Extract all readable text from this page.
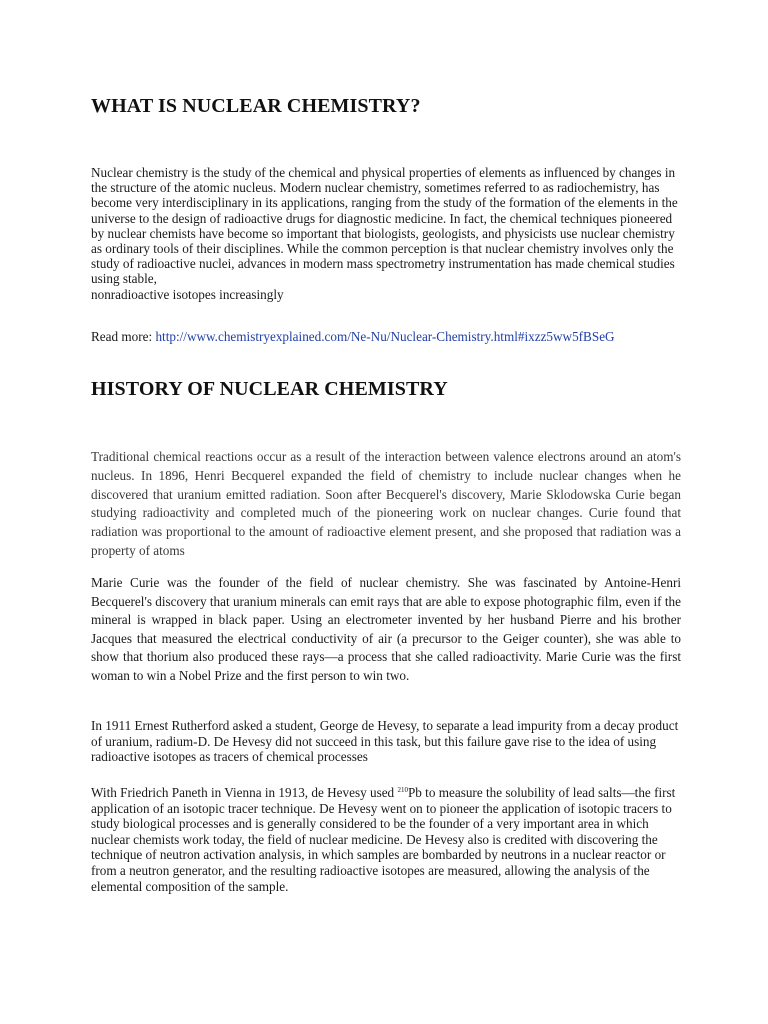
WHAT IS NUCLEAR CHEMISTRY?

Nuclear chemistry is the study of the chemical and physical properties of elements as influenced by changes in the structure of the atomic nucleus. Modern nuclear chemistry, sometimes referred to as radiochemistry, has become very interdisciplinary in its applications, ranging from the study of the formation of the elements in the universe to the design of radioactive drugs for diagnostic medicine. In fact, the chemical techniques pioneered by nuclear chemists have become so important that biologists, geologists, and physicists use nuclear chemistry as ordinary tools of their disciplines. While the common perception is that nuclear chemistry involves only the study of radioactive nuclei, advances in modern mass spectrometry instrumentation has made chemical studies using stable,
nonradioactive isotopes increasingly

Read more: http://www.chemistryexplained.com/Ne-Nu/Nuclear-Chemistry.html#ixzz5ww5fBSeG

HISTORY OF NUCLEAR CHEMISTRY

Traditional chemical reactions occur as a result of the interaction between valence electrons around an atom's nucleus. In 1896, Henri Becquerel expanded the field of chemistry to include nuclear changes when he discovered that uranium emitted radiation. Soon after Becquerel's discovery, Marie Sklodowska Curie began studying radioactivity and completed much of the pioneering work on nuclear changes. Curie found that radiation was proportional to the amount of radioactive element present, and she proposed that radiation was a property of atoms

Marie Curie was the founder of the field of nuclear chemistry. She was fascinated by Antoine-Henri Becquerel's discovery that uranium minerals can emit rays that are able to expose photographic film, even if the mineral is wrapped in black paper. Using an electrometer invented by her husband Pierre and his brother Jacques that measured the electrical conductivity of air (a precursor to the Geiger counter), she was able to show that thorium also produced these rays—a process that she called radioactivity. Marie Curie was the first woman to win a Nobel Prize and the first person to win two.

In 1911 Ernest Rutherford asked a student, George de Hevesy, to separate a lead impurity from a decay product of uranium, radium-D. De Hevesy did not succeed in this task, but this failure gave rise to the idea of using radioactive isotopes as tracers of chemical processes

With Friedrich Paneth in Vienna in 1913, de Hevesy used $^{210}$Pb to measure the solubility of lead salts—the first application of an isotopic tracer technique. De Hevesy went on to pioneer the application of isotopic tracers to study biological processes and is generally considered to be the founder of a very important area in which nuclear chemists work today, the field of nuclear medicine. De Hevesy also is credited with discovering the technique of neutron activation analysis, in which samples are bombarded by neutrons in a nuclear reactor or from a neutron generator, and the resulting radioactive isotopes are measured, allowing the analysis of the elemental composition of the sample.
